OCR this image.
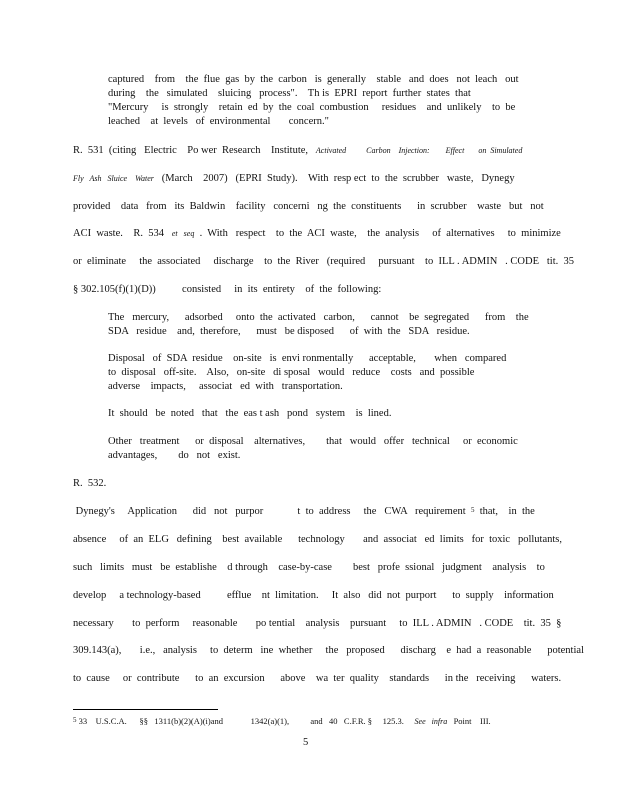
captured    from    the  flue  gas  by  the  carbon   is  generally    stable   and  does   not  leach   out
during    the   simulated    sluicing   process".    Th is  EPRI  report  further  states  that
"Mercury     is  strongly    retain  ed  by  the  coal  combustion     residues    and  unlikely    to  be
leached    at  levels   of  environmental       concern."
R.  531  (citing   Electric    Po wer  Research    Institute, Activated          Carbon    Injection:        Effect       on  Simulated
Fly   Ash   Sluice    Water   (March    2007)   (EPRI  Study).    With  resp ect  to  the  scrubber   waste,   Dynegy
provided    data   from   its  Baldwin    facility   concerni   ng  the  constituents      in  scrubber    waste   but   not
ACI  waste.    R.  534 et   seq  .  With   respect    to  the  ACI  waste,    the  analysis     of  alternatives     to  minimize
or  eliminate     the  associated     discharge    to  the  River   (required     pursuant    to  ILL . ADMIN   . CODE   tit.  35
§ 302.105(f)(1)(D))          consisted     in  its  entirety    of  the  following:
The   mercury,      adsorbed     onto  the  activated   carbon,      cannot    be  segregated      from    the
SDA   residue    and,  therefore,      must   be disposed      of  with  the   SDA   residue.
Disposal   of  SDA  residue    on-site   is  envi ronmentally      acceptable,       when   compared
to  disposal   off-site.    Also,   on-site   di sposal   would   reduce    costs   and  possible
adverse    impacts,     associat   ed  with   transportation.
It  should   be  noted   that   the  eas t ash   pond   system    is  lined.
Other   treatment      or  disposal    alternatives,        that   would   offer   technical     or  economic
advantages,        do   not   exist.
R.  532.
Dynegy's     Application      did   not   purpor             t  to  address     the   CWA   requirement $^5$  that,    in  the
absence     of  an  ELG   defining    best  available      technology       and  associat   ed  limits   for  toxic   pollutants,
such   limits   must   be  establishe    d through    case-by-case        best   profe  ssional   judgment    analysis    to
develop     a technology-based          efflue    nt  limitation.     It  also   did  not  purport      to  supply    information
necessary       to  perform     reasonable       po tential    analysis    pursuant     to  ILL . ADMIN   . CODE    tit.  35  §
309.143(a),       i.e.,   analysis     to  determ   ine  whether     the   proposed      discharg    e  had  a  reasonable      potential
to  cause     or  contribute      to  an  excursion      above    wa  ter  quality    standards      in the   receiving      waters.
$^5$ 33    U.S.C.A.      §§   1311(b)(2)(A)(i)and             1342(a)(1),          and   40   C.F.R. §     125.3.     See   infra   Point    III.
5
